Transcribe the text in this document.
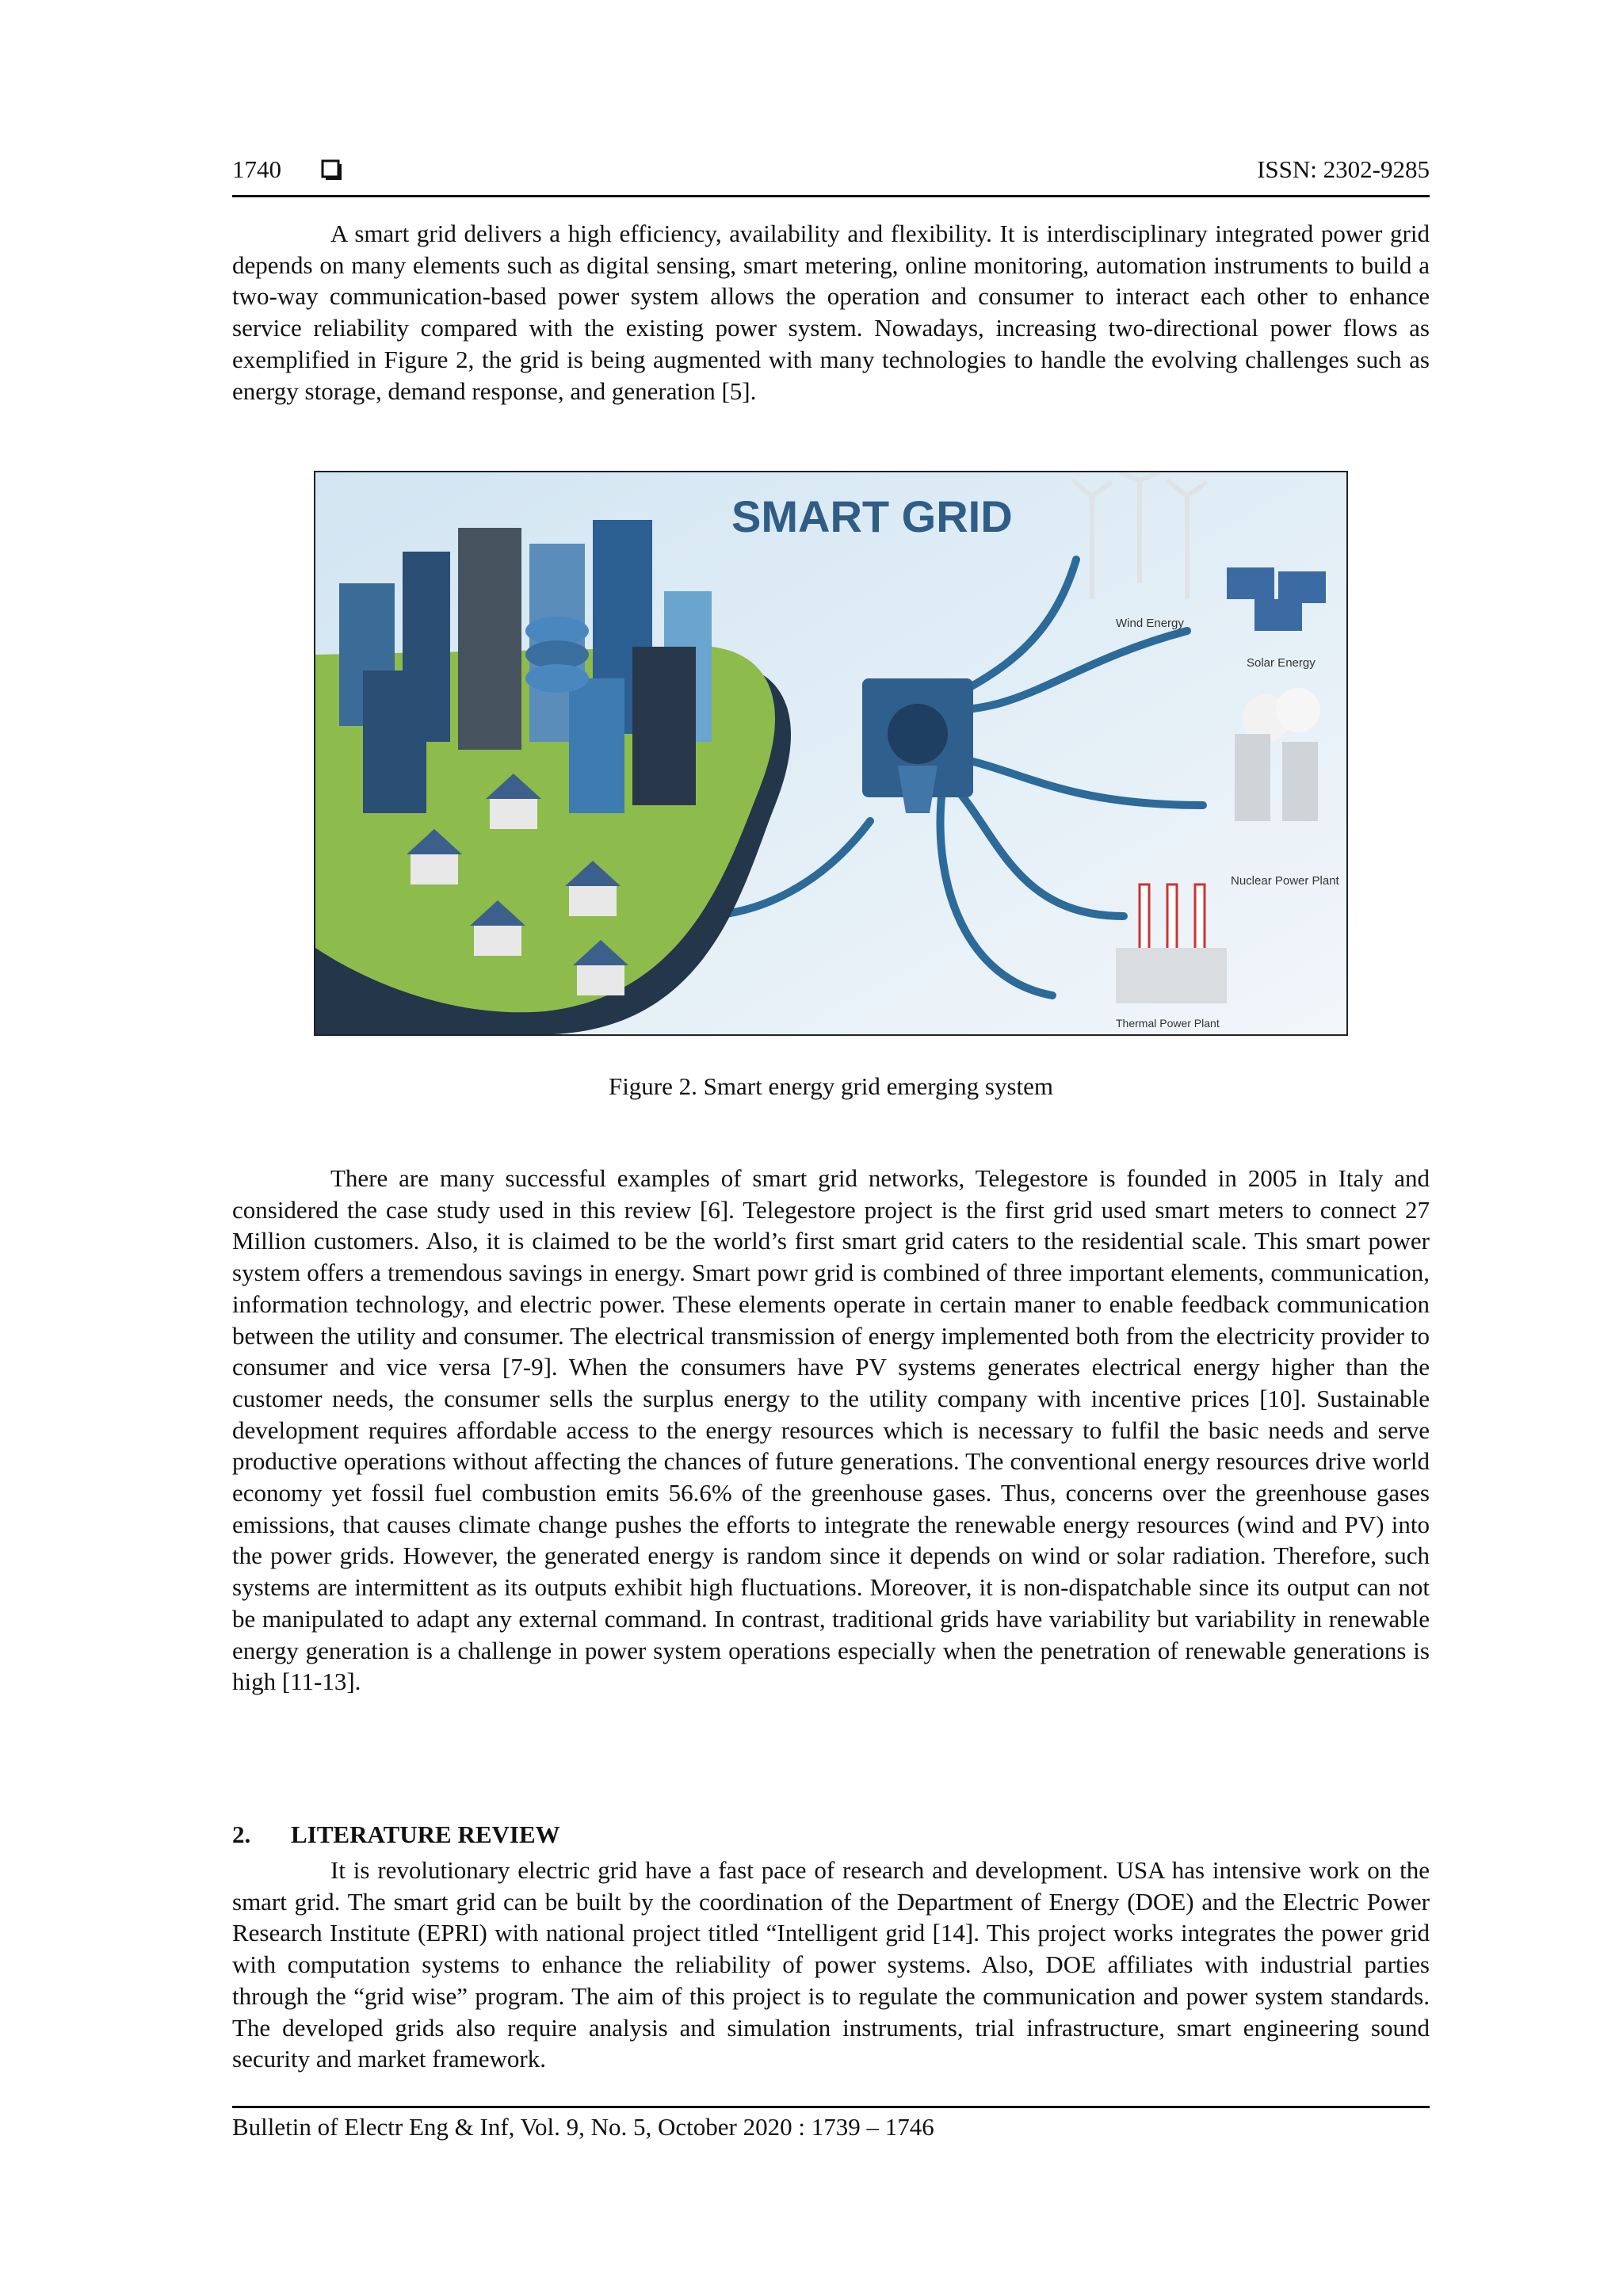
1740	ISSN: 2302-9285

A smart grid delivers a high efficiency, availability and flexibility. It is interdisciplinary integrated power grid depends on many elements such as digital sensing, smart metering, online monitoring, automation instruments to build a two-way communication-based power system allows the operation and consumer to interact each other to enhance service reliability compared with the existing power system. Nowadays, increasing two-directional power flows as exemplified in Figure 2, the grid is being augmented with many technologies to handle the evolving challenges such as energy storage, demand response, and generation [5].

SMART GRID
Wind Energy
Solar Energy
Nuclear Power Plant
Thermal Power Plant
Figure 2. Smart energy grid emerging system

There are many successful examples of smart grid networks, Telegestore is founded in 2005 in Italy and considered the case study used in this review [6]. Telegestore project is the first grid used smart meters to connect 27 Million customers. Also, it is claimed to be the world’s first smart grid caters to the residential scale. This smart power system offers a tremendous savings in energy. Smart powr grid is combined of three important elements, communication, information technology, and electric power. These elements operate in certain maner to enable feedback communication between the utility and consumer. The electrical transmission of energy implemented both from the electricity provider to consumer and vice versa [7-9]. When the consumers have PV systems generates electrical energy higher than the customer needs, the consumer sells the surplus energy to the utility company with incentive prices [10]. Sustainable development requires affordable access to the energy resources which is necessary to fulfil the basic needs and serve productive operations without affecting the chances of future generations. The conventional energy resources drive world economy yet fossil fuel combustion emits 56.6% of the greenhouse gases. Thus, concerns over the greenhouse gases emissions, that causes climate change pushes the efforts to integrate the renewable energy resources (wind and PV) into the power grids. However, the generated energy is random since it depends on wind or solar radiation. Therefore, such systems are intermittent as its outputs exhibit high fluctuations. Moreover, it is non-dispatchable since its output can not be manipulated to adapt any external command. In contrast, traditional grids have variability but variability in renewable energy generation is a challenge in power system operations especially when the penetration of renewable generations is high [11-13].

2. LITERATURE REVIEW

It is revolutionary electric grid have a fast pace of research and development. USA has intensive work on the smart grid. The smart grid can be built by the coordination of the Department of Energy (DOE) and the Electric Power Research Institute (EPRI) with national project titled “Intelligent grid [14]. This project works integrates the power grid with computation systems to enhance the reliability of power systems. Also, DOE affiliates with industrial parties through the “grid wise” program. The aim of this project is to regulate the communication and power system standards. The developed grids also require analysis and simulation instruments, trial infrastructure, smart engineering sound security and market framework.

Bulletin of Electr Eng & Inf, Vol. 9, No. 5, October 2020 : 1739 – 1746
